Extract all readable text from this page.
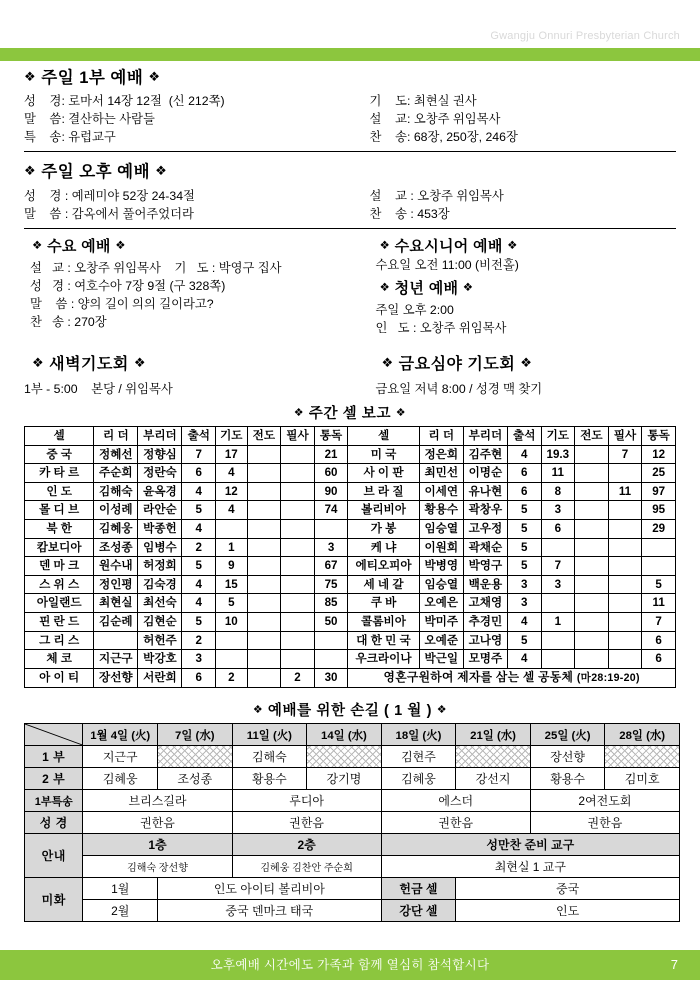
Gwangju Onnuri Presbyterian Church
❖ 주일 1부 예배 ❖
성    경: 로마서 14장 12절  (신 212쪽)
말    씀: 결산하는 사람들
특    송: 유럽교구
기    도: 최현실 권사
설    교: 오창주 위임목사
찬    송: 68장, 250장, 246장
❖ 주일 오후 예배 ❖
성    경 : 예레미야 52장 24-34절
말    씀 : 감옥에서 풀어주었더라
설    교 : 오창주 위임목사
찬    송 : 453장
❖ 수요 예배 ❖
설   교 : 오창주 위임목사    기   도 : 박영구 집사
성   경 : 여호수아 7장 9절 (구 328쪽)
말    씀 : 양의 길이 의의 길이라고?
찬   송 : 270장
❖ 수요시니어 예배 ❖
수요일 오전 11:00 (비전홀)
❖ 청년 예배 ❖
주일 오후 2:00
인   도 : 오창주 위임목사
❖ 새벽기도회 ❖
1부 - 5:00    본당 / 위임목사
❖ 금요심야 기도회 ❖
금요일 저녁 8:00 / 성경 맥 찾기
❖ 주간 셀 보고 ❖
셀	리 더	부리더	출석	기도	전도	필사	통독	셀	리 더	부리더	출석	기도	전도	필사	통독
중 국	정혜선	정향심	7	17			21	미 국	정은희	김주현	4	19.3		7	12
카 타 르	주순희	정란숙	6	4			60	사 이 판	최민선	이명순	6	11			25
인 도	김해숙	윤옥경	4	12			90	브 라 질	이세연	유나현	6	8		11	97
몰 디 브	이성례	라안순	5	4			74	볼리비아	황용수	곽창우	5	3			95
북 한	김혜웅	박종헌	4					가 봉	임승열	고우정	5	6			29
캄보디아	조성종	임병수	2	1			3	케 냐	이원희	곽채순	5				
덴 마 크	원수내	허정희	5	9			67	에티오피아	박병영	박영구	5	7			
스 위 스	정인평	김숙경	4	15			75	세 네 갈	임승열	백운용	3	3			5
아일랜드	최현실	최선숙	4	5			85	쿠 바	오예은	고채영	3				11
핀 란 드	김순례	김현순	5	10			50	콜롬비아	박미주	추경민	4	1			7
그 리 스		허헌주	2					대 한 민 국	오예준	고나영	5				6
체 코	지근구	박강호	3					우크라이나	박근일	모명주	4				6
아 이 티	장선향	서란희	6	2		2	30	영혼구원하여 제자를 삼는 셀 공동체 (마28:19-20)							
❖ 예배를 위한 손길 ( 1 월 ) ❖
	1월 4일 (火)	7일 (水)	11일 (火)	14일 (水)	18일 (火)	21일 (水)	25일 (火)	28일 (水)
1 부	지근구		김해숙		김현주		장선향	
2 부	김혜웅	조성종	황용수	강기명	김혜웅	강선지	황용수	김미호
1부특송	브리스길라		루디아		에스더		2여전도회	
성 경	권한음		권한음		권한음		권한음	
안내	1층		2층		성만찬 준비 교구			
	김해숙 장선향		김혜웅 김찬안 주순희		최현실 1 교구			
미화	1월	인도 아이티 볼리비아			헌금 셀	중국		
	2월	중국 덴마크 태국			강단 셀	인도		
오후예배 시간에도 가족과 함께 열심히 참석합시다	7
